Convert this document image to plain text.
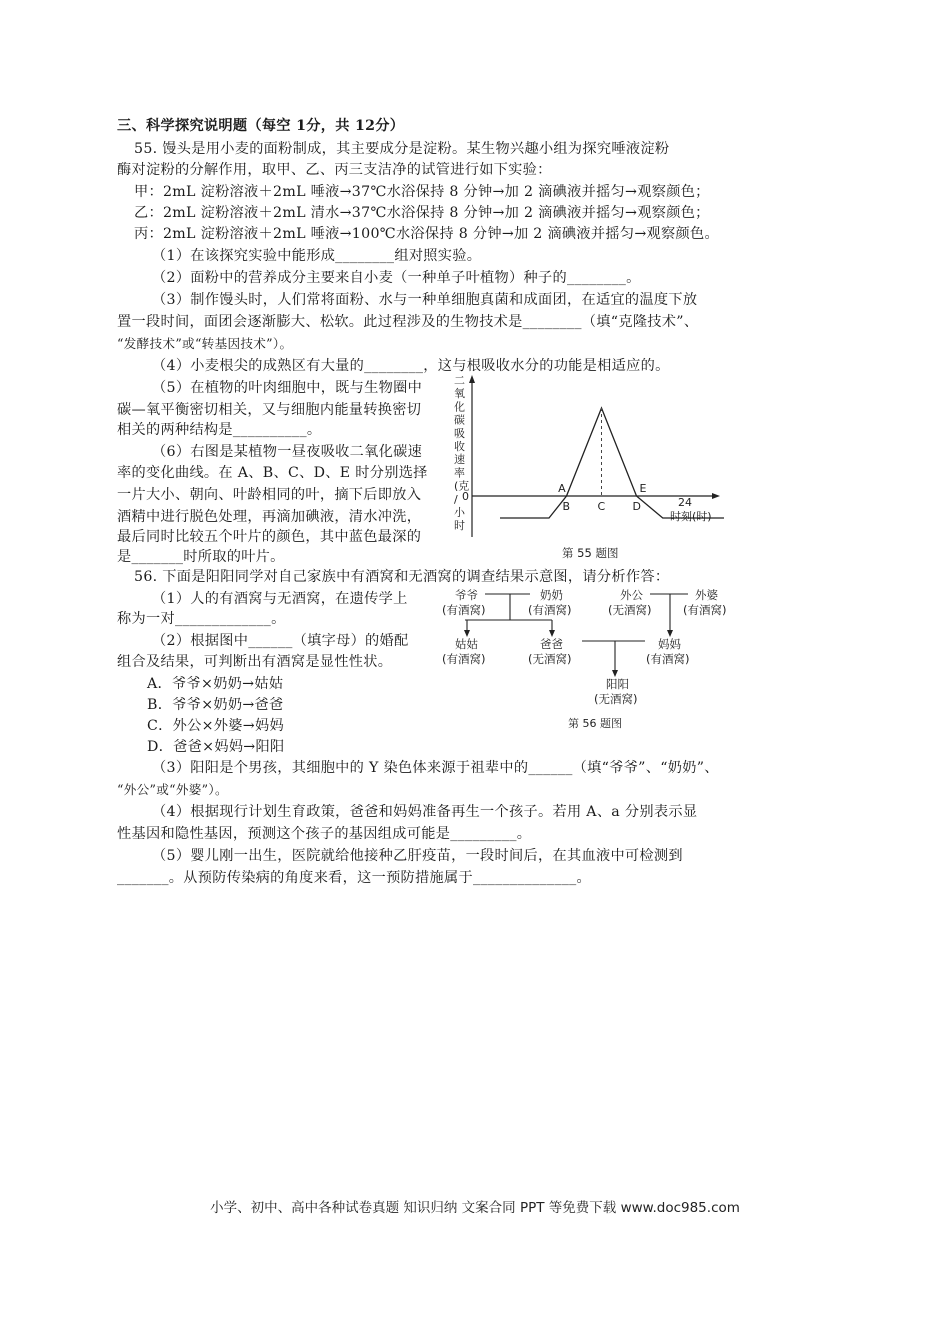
三、科学探究说明题（每空 1分，共 12分）
55. 馒头是用小麦的面粉制成，其主要成分是淀粉。某生物兴趣小组为探究唾液淀粉
酶对淀粉的分解作用，取甲、乙、丙三支洁净的试管进行如下实验：
甲：2mL 淀粉溶液＋2mL 唾液→37℃水浴保持 8 分钟→加 2 滴碘液并摇匀→观察颜色；
乙：2mL 淀粉溶液＋2mL 清水→37℃水浴保持 8 分钟→加 2 滴碘液并摇匀→观察颜色；
丙：2mL 淀粉溶液＋2mL 唾液→100℃水浴保持 8 分钟→加 2 滴碘液并摇匀→观察颜色。
（1）在该探究实验中能形成________组对照实验。
（2）面粉中的营养成分主要来自小麦（一种单子叶植物）种子的________。
（3）制作馒头时，人们常将面粉、水与一种单细胞真菌和成面团，在适宜的温度下放
置一段时间，面团会逐渐膨大、松软。此过程涉及的生物技术是________（填“克隆技术”、
“发酵技术”或“转基因技术”）。
（4）小麦根尖的成熟区有大量的________，这与根吸收水分的功能是相适应的。
（5）在植物的叶肉细胞中，既与生物圈中
碳—氧平衡密切相关，又与细胞内能量转换密切
相关的两种结构是__________。
（6）右图是某植物一昼夜吸收二氧化碳速
率的变化曲线。在 A、B、C、D、E 时分别选择
一片大小、朝向、叶龄相同的叶，摘下后即放入
酒精中进行脱色处理，再滴加碘液，清水冲洗，
最后同时比较五个叶片的颜色，其中蓝色最深的
是_______时所取的叶片。
二
氧
化
碳
吸
收
速
率
(克
/
小
时
0	24
时刻(时)
A
B C D
E
第 55 题图
56. 下面是阳阳同学对自己家族中有酒窝和无酒窝的调查结果示意图，请分析作答：
（1）人的有酒窝与无酒窝，在遗传学上
称为一对_____________。
（2）根据图中______（填字母）的婚配
组合及结果，可判断出有酒窝是显性性状。
A．爷爷×奶奶→姑姑
B．爷爷×奶奶→爸爸
C．外公×外婆→妈妈
D．爸爸×妈妈→阳阳
（3）阳阳是个男孩，其细胞中的 Y 染色体来源于祖辈中的______（填“爷爷”、“奶奶”、
“外公”或“外婆”）。
（4）根据现行计划生育政策，爸爸和妈妈准备再生一个孩子。若用 A、a 分别表示显
性基因和隐性基因，预测这个孩子的基因组成可能是_________。
（5）婴儿刚一出生，医院就给他接种乙肝疫苗，一段时间后，在其血液中可检测到
_______。从预防传染病的角度来看，这一预防措施属于______________。
爷爷
(有酒窝)
奶奶
(有酒窝)
外公
(无酒窝)
外婆
(有酒窝)
姑姑
(有酒窝)
爸爸
(无酒窝)
妈妈
(有酒窝)
阳阳
(无酒窝)
第 56 题图
小学、初中、高中各种试卷真题 知识归纳 文案合同 PPT 等免费下载 www.doc985.com
